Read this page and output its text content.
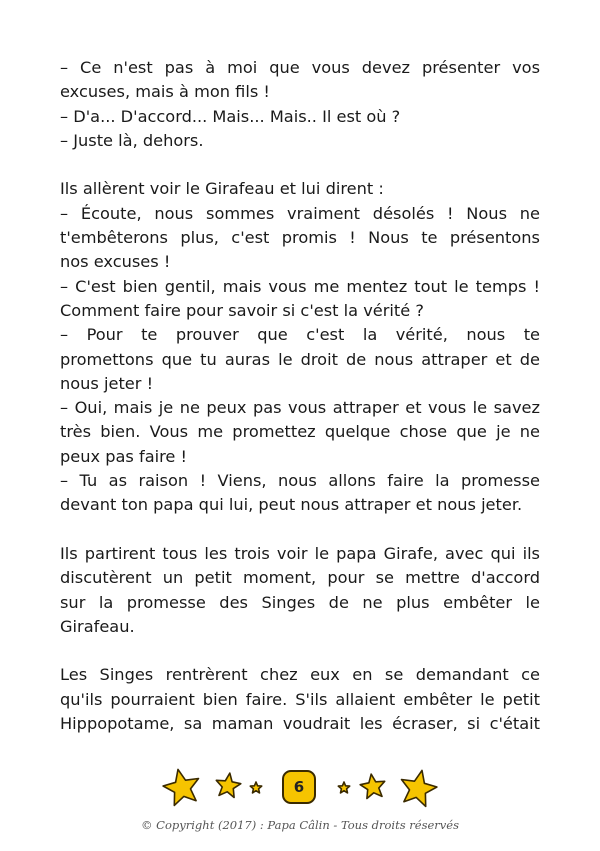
– Ce n'est pas à moi que vous devez présenter vos
excuses, mais à mon fils !
– D'a... D'accord... Mais... Mais.. Il est où ?
– Juste là, dehors.

Ils allèrent voir le Girafeau et lui dirent :
– Écoute, nous sommes vraiment désolés ! Nous ne
t'embêterons plus, c'est promis ! Nous te présentons
nos excuses !
– C'est bien gentil, mais vous me mentez tout le temps !
Comment faire pour savoir si c'est la vérité ?
– Pour te prouver que c'est la vérité, nous te
promettons que tu auras le droit de nous attraper et de
nous jeter !
– Oui, mais je ne peux pas vous attraper et vous le savez
très bien. Vous me promettez quelque chose que je ne
peux pas faire !
– Tu as raison ! Viens, nous allons faire la promesse
devant ton papa qui lui, peut nous attraper et nous jeter.

Ils partirent tous les trois voir le papa Girafe, avec qui ils
discutèrent un petit moment, pour se mettre d'accord
sur la promesse des Singes de ne plus embêter le
Girafeau.

Les Singes rentrèrent chez eux en se demandant ce
qu'ils pourraient bien faire. S'ils allaient embêter le petit
Hippopotame, sa maman voudrait les écraser, si c'était

6
© Copyright (2017) : Papa Câlin - Tous droits réservés
